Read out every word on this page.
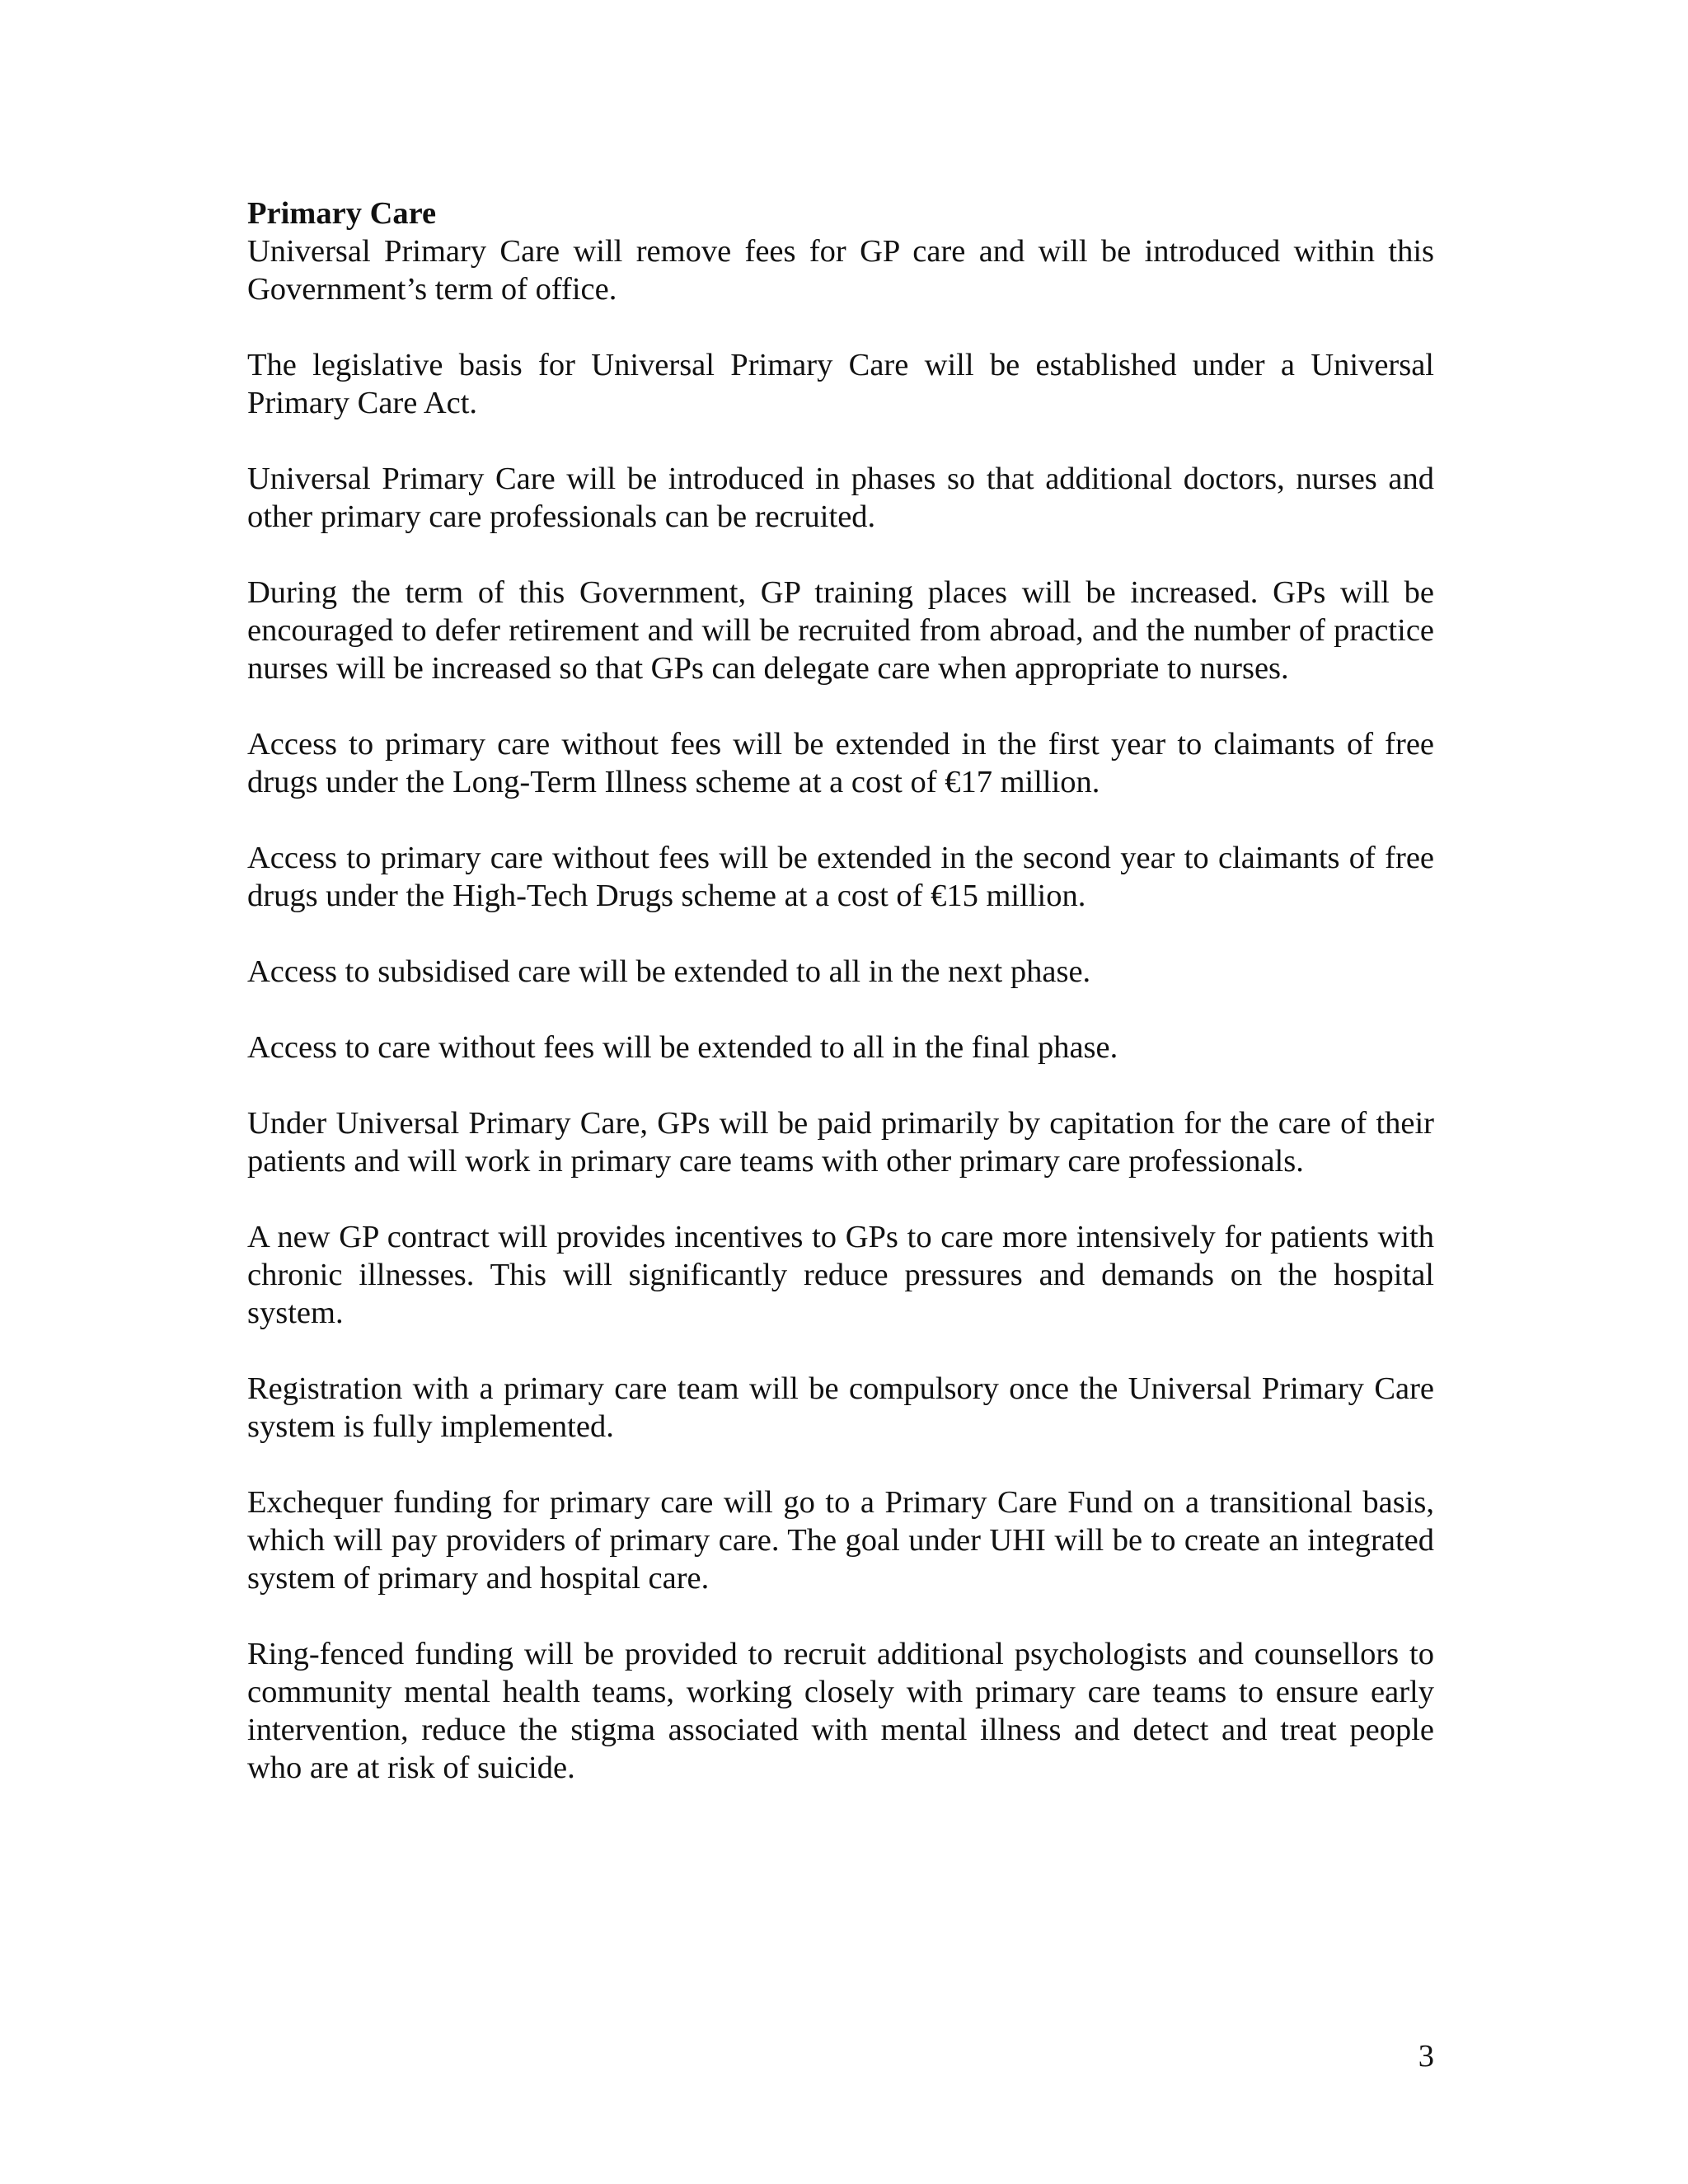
Primary Care

Universal Primary Care will remove fees for GP care and will be introduced within this Government’s term of office.

The legislative basis for Universal Primary Care will be established under a Universal Primary Care Act.

Universal Primary Care will be introduced in phases so that additional doctors, nurses and other primary care professionals can be recruited.

During the term of this Government, GP training places will be increased. GPs will be encouraged to defer retirement and will be recruited from abroad, and the number of practice nurses will be increased so that GPs can delegate care when appropriate to nurses.

Access to primary care without fees will be extended in the first year to claimants of free drugs under the Long-Term Illness scheme at a cost of €17 million.

Access to primary care without fees will be extended in the second year to claimants of free drugs under the High-Tech Drugs scheme at a cost of €15 million.

Access to subsidised care will be extended to all in the next phase.

Access to care without fees will be extended to all in the final phase.

Under Universal Primary Care, GPs will be paid primarily by capitation for the care of their patients and will work in primary care teams with other primary care professionals.

A new GP contract will provides incentives to GPs to care more intensively for patients with chronic illnesses. This will significantly reduce pressures and demands on the hospital system.

Registration with a primary care team will be compulsory once the Universal Primary Care system is fully implemented.

Exchequer funding for primary care will go to a Primary Care Fund on a transitional basis, which will pay providers of primary care. The goal under UHI will be to create an integrated system of primary and hospital care.

Ring-fenced funding will be provided to recruit additional psychologists and counsellors to community mental health teams, working closely with primary care teams to ensure early intervention, reduce the stigma associated with mental illness and detect and treat people who are at risk of suicide.

3
